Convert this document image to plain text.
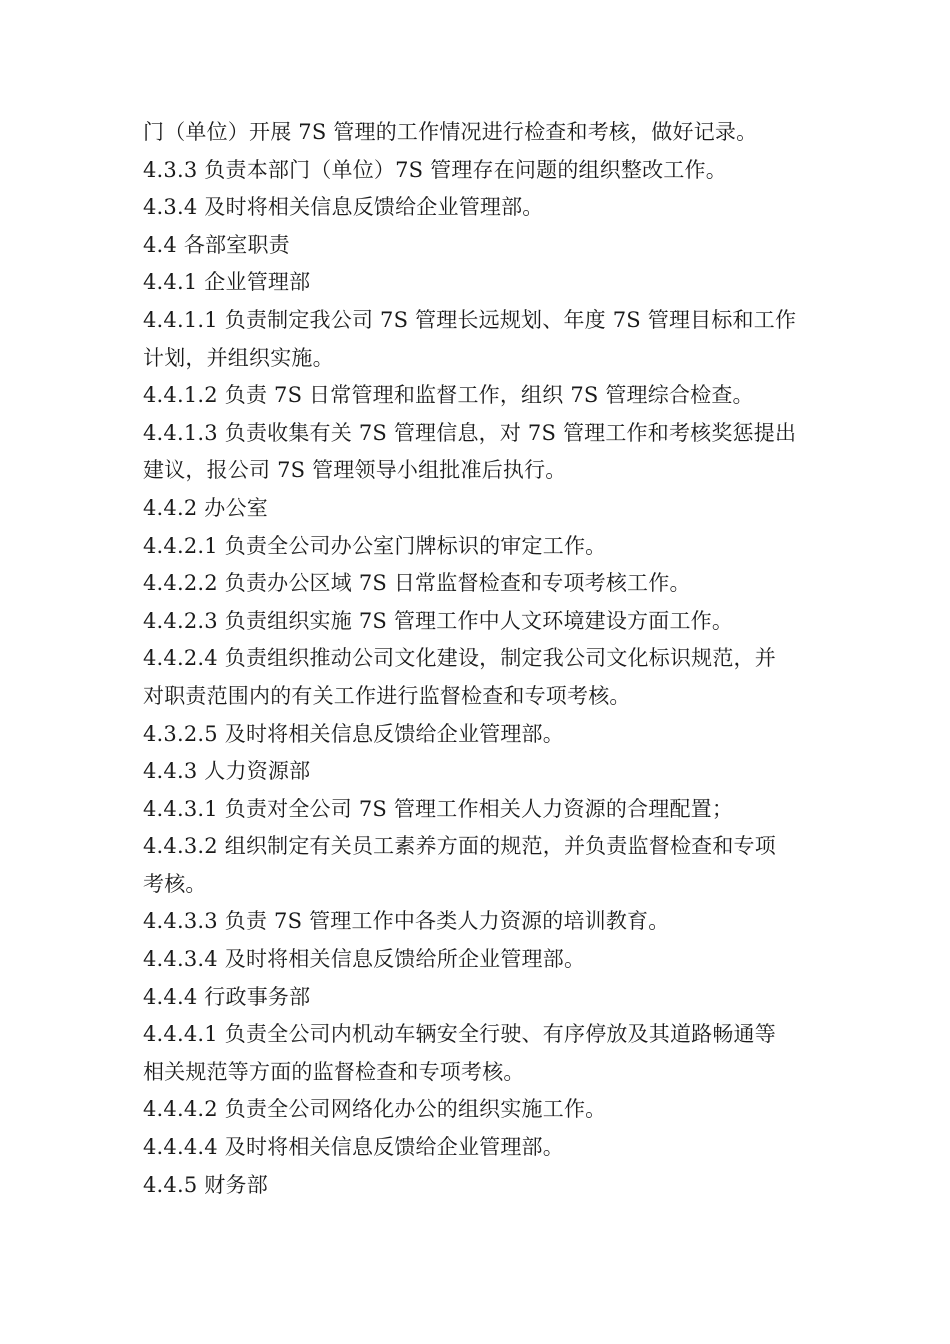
门（单位）开展 7S 管理的工作情况进行检查和考核，做好记录。
4.3.3 负责本部门（单位）7S 管理存在问题的组织整改工作。
4.3.4 及时将相关信息反馈给企业管理部。
4.4 各部室职责
4.4.1 企业管理部
4.4.1.1 负责制定我公司 7S 管理长远规划、年度 7S 管理目标和工作
计划，并组织实施。
4.4.1.2 负责 7S 日常管理和监督工作，组织 7S 管理综合检查。
4.4.1.3 负责收集有关 7S 管理信息，对 7S 管理工作和考核奖惩提出
建议，报公司 7S 管理领导小组批准后执行。
4.4.2 办公室
4.4.2.1 负责全公司办公室门牌标识的审定工作。
4.4.2.2 负责办公区域 7S 日常监督检查和专项考核工作。
4.4.2.3 负责组织实施 7S 管理工作中人文环境建设方面工作。
4.4.2.4 负责组织推动公司文化建设，制定我公司文化标识规范，并
对职责范围内的有关工作进行监督检查和专项考核。
4.3.2.5 及时将相关信息反馈给企业管理部。
4.4.3 人力资源部
4.4.3.1 负责对全公司 7S 管理工作相关人力资源的合理配置；
4.4.3.2 组织制定有关员工素养方面的规范，并负责监督检查和专项
考核。
4.4.3.3 负责 7S 管理工作中各类人力资源的培训教育。
4.4.3.4 及时将相关信息反馈给所企业管理部。
4.4.4 行政事务部
4.4.4.1 负责全公司内机动车辆安全行驶、有序停放及其道路畅通等
相关规范等方面的监督检查和专项考核。
4.4.4.2 负责全公司网络化办公的组织实施工作。
4.4.4.4 及时将相关信息反馈给企业管理部。
4.4.5 财务部
